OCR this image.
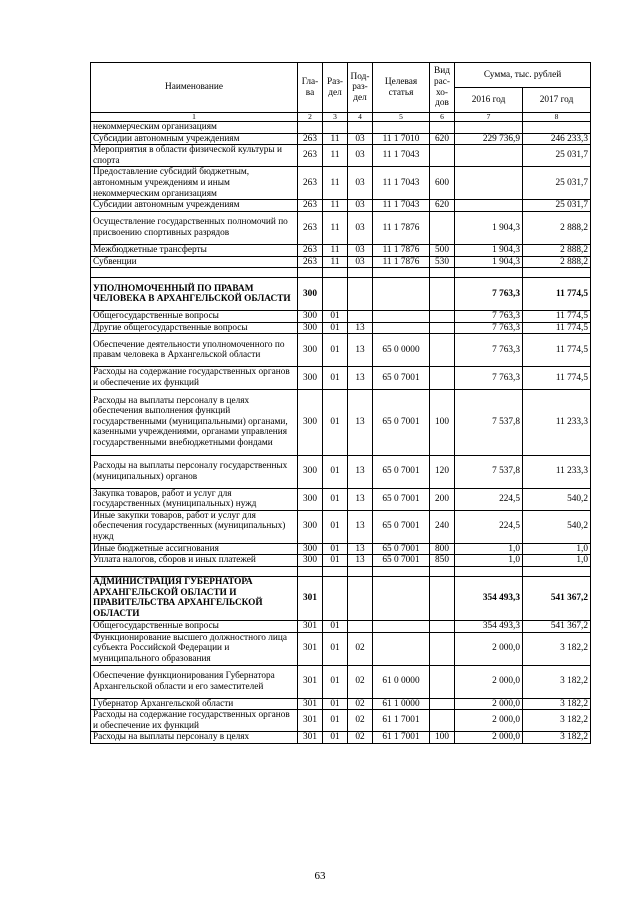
Наименование	Гла- ва	Раз- дел	Под- раз- дел	Целевая статья	Вид рас- хо- дов	Сумма, тыс. рублей	
						2016 год	2017 год
1	2	3	4	5	6	7	8
некоммерческим организациям							
Субсидии автономным учреждениям	263	11	03	11 1 7010	620	229 736,9	246 233,3
Мероприятия в области физической культуры и спорта	263	11	03	11 1 7043			25 031,7
Предоставление субсидий бюджетным, автономным учреждениям и иным некоммерческим организациям	263	11	03	11 1 7043	600		25 031,7
Субсидии автономным учреждениям	263	11	03	11 1 7043	620		25 031,7
Осуществление государственных полномочий по присвоению спортивных разрядов	263	11	03	11 1 7876		1 904,3	2 888,2
Межбюджетные трансферты	263	11	03	11 1 7876	500	1 904,3	2 888,2
Субвенции	263	11	03	11 1 7876	530	1 904,3	2 888,2

УПОЛНОМОЧЕННЫЙ ПО ПРАВАМ ЧЕЛОВЕКА В АРХАНГЕЛЬСКОЙ ОБЛАСТИ	300					7 763,3	11 774,5
Общегосударственные вопросы	300	01				7 763,3	11 774,5
Другие общегосударственные вопросы	300	01	13			7 763,3	11 774,5
Обеспечение деятельности уполномоченного по правам человека в Архангельской области	300	01	13	65 0 0000		7 763,3	11 774,5
Расходы на содержание государственных органов и обеспечение их функций	300	01	13	65 0 7001		7 763,3	11 774,5
Расходы на выплаты персоналу в целях обеспечения выполнения функций государственными (муниципальными) органами, казенными учреждениями, органами управления государственными внебюджетными фондами	300	01	13	65 0 7001	100	7 537,8	11 233,3
Расходы на выплаты персоналу государственных (муниципальных) органов	300	01	13	65 0 7001	120	7 537,8	11 233,3
Закупка товаров, работ и услуг для государственных (муниципальных) нужд	300	01	13	65 0 7001	200	224,5	540,2
Иные закупки товаров, работ и услуг для обеспечения государственных (муниципальных) нужд	300	01	13	65 0 7001	240	224,5	540,2
Иные бюджетные ассигнования	300	01	13	65 0 7001	800	1,0	1,0
Уплата налогов, сборов и иных платежей	300	01	13	65 0 7001	850	1,0	1,0

АДМИНИСТРАЦИЯ ГУБЕРНАТОРА АРХАНГЕЛЬСКОЙ ОБЛАСТИ И ПРАВИТЕЛЬСТВА АРХАНГЕЛЬСКОЙ ОБЛАСТИ	301					354 493,3	541 367,2
Общегосударственные вопросы	301	01				354 493,3	541 367,2
Функционирование высшего должностного лица субъекта Российской Федерации и муниципального образования	301	01	02			2 000,0	3 182,2
Обеспечение функционирования Губернатора Архангельской области и его заместителей	301	01	02	61 0 0000		2 000,0	3 182,2
Губернатор Архангельской области	301	01	02	61 1 0000		2 000,0	3 182,2
Расходы на содержание государственных органов и обеспечение их функций	301	01	02	61 1 7001		2 000,0	3 182,2
Расходы на выплаты персоналу в целях	301	01	02	61 1 7001	100	2 000,0	3 182,2
63
